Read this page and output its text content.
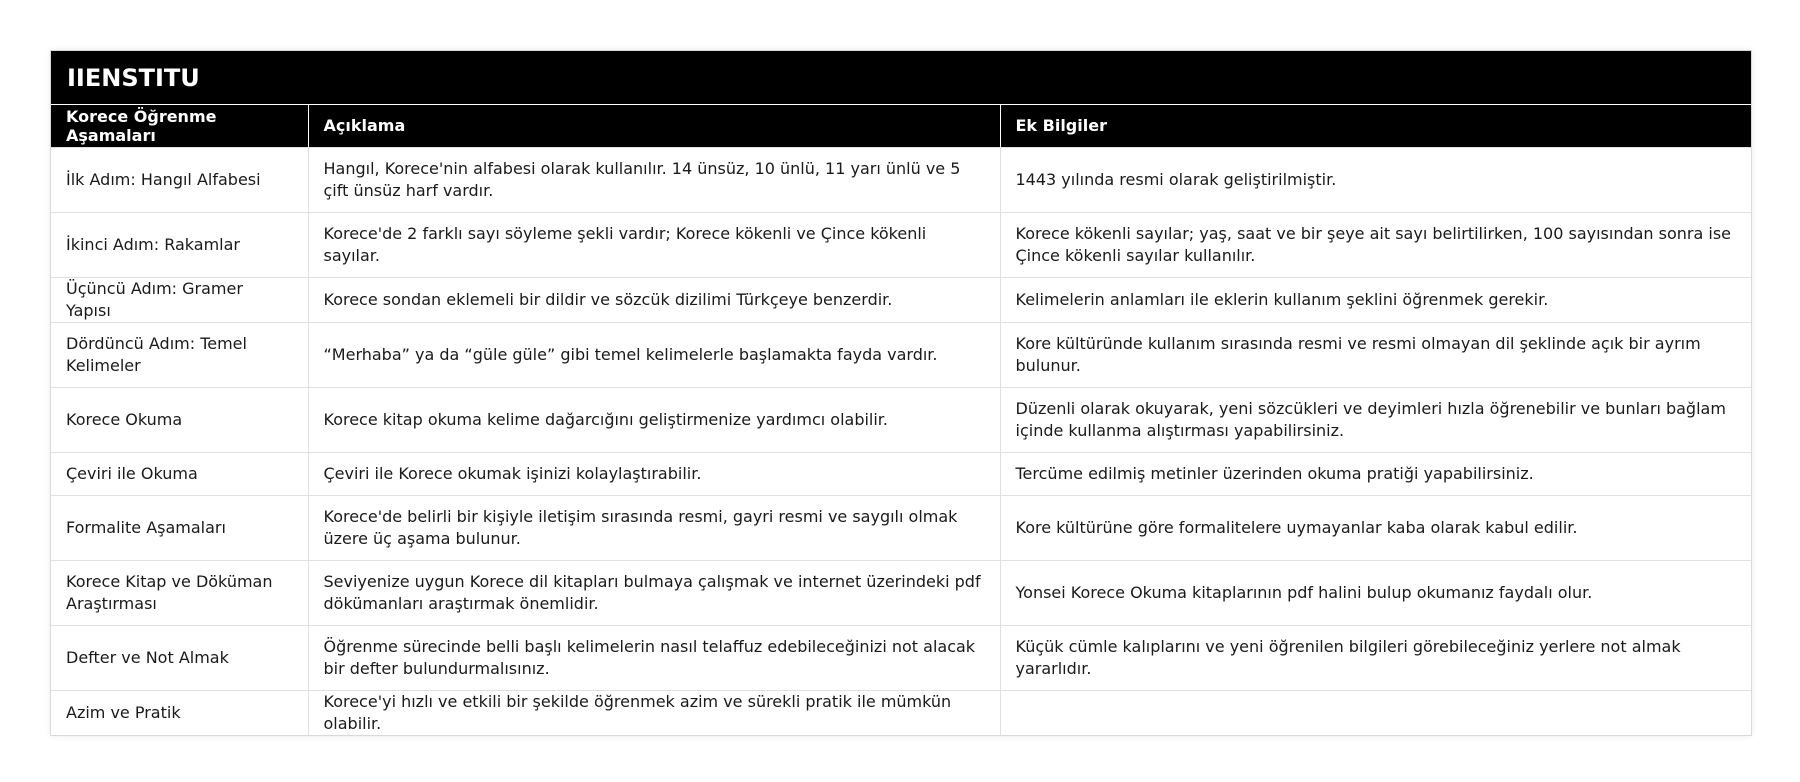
IIENSTITU
Korece Öğrenme Aşamaları	Açıklama	Ek Bilgiler
İlk Adım: Hangıl Alfabesi	Hangıl, Korece'nin alfabesi olarak kullanılır. 14 ünsüz, 10 ünlü, 11 yarı ünlü ve 5 çift ünsüz harf vardır.	1443 yılında resmi olarak geliştirilmiştir.
İkinci Adım: Rakamlar	Korece'de 2 farklı sayı söyleme şekli vardır; Korece kökenli ve Çince kökenli sayılar.	Korece kökenli sayılar; yaş, saat ve bir şeye ait sayı belirtilirken, 100 sayısından sonra ise Çince kökenli sayılar kullanılır.
Üçüncü Adım: Gramer Yapısı	Korece sondan eklemeli bir dildir ve sözcük dizilimi Türkçeye benzerdir.	Kelimelerin anlamları ile eklerin kullanım şeklini öğrenmek gerekir.
Dördüncü Adım: Temel Kelimeler	“Merhaba” ya da “güle güle” gibi temel kelimelerle başlamakta fayda vardır.	Kore kültüründe kullanım sırasında resmi ve resmi olmayan dil şeklinde açık bir ayrım bulunur.
Korece Okuma	Korece kitap okuma kelime dağarcığını geliştirmenize yardımcı olabilir.	Düzenli olarak okuyarak, yeni sözcükleri ve deyimleri hızla öğrenebilir ve bunları bağlam içinde kullanma alıştırması yapabilirsiniz.
Çeviri ile Okuma	Çeviri ile Korece okumak işinizi kolaylaştırabilir.	Tercüme edilmiş metinler üzerinden okuma pratiği yapabilirsiniz.
Formalite Aşamaları	Korece'de belirli bir kişiyle iletişim sırasında resmi, gayri resmi ve saygılı olmak üzere üç aşama bulunur.	Kore kültürüne göre formalitelere uymayanlar kaba olarak kabul edilir.
Korece Kitap ve Döküman Araştırması	Seviyenize uygun Korece dil kitapları bulmaya çalışmak ve internet üzerindeki pdf dökümanları araştırmak önemlidir.	Yonsei Korece Okuma kitaplarının pdf halini bulup okumanız faydalı olur.
Defter ve Not Almak	Öğrenme sürecinde belli başlı kelimelerin nasıl telaffuz edebileceğinizi not alacak bir defter bulundurmalısınız.	Küçük cümle kalıplarını ve yeni öğrenilen bilgileri görebileceğiniz yerlere not almak yararlıdır.
Azim ve Pratik	Korece'yi hızlı ve etkili bir şekilde öğrenmek azim ve sürekli pratik ile mümkün olabilir.	
